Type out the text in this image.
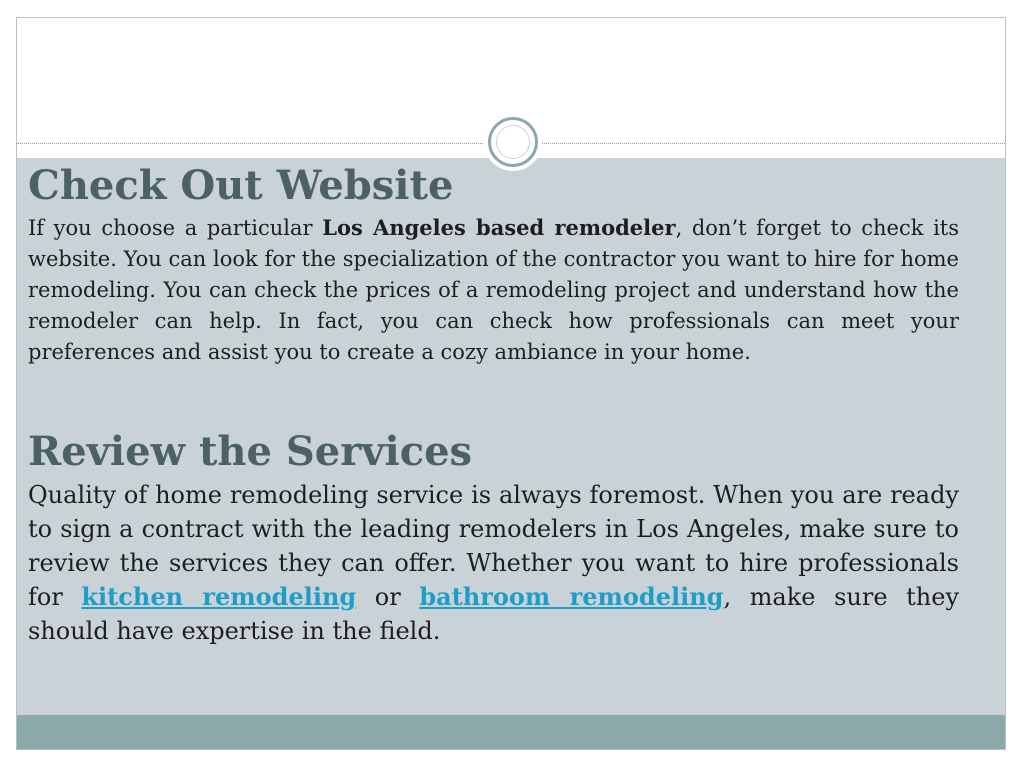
Check Out Website

If you choose a particular Los Angeles based remodeler, don’t forget to check its website. You can look for the specialization of the contractor you want to hire for home remodeling. You can check the prices of a remodeling project and understand how the remodeler can help. In fact, you can check how professionals can meet your preferences and assist you to create a cozy ambiance in your home.

Review the Services

Quality of home remodeling service is always foremost. When you are ready to sign a contract with the leading remodelers in Los Angeles, make sure to review the services they can offer. Whether you want to hire professionals for kitchen remodeling or bathroom remodeling, make sure they should have expertise in the field.
